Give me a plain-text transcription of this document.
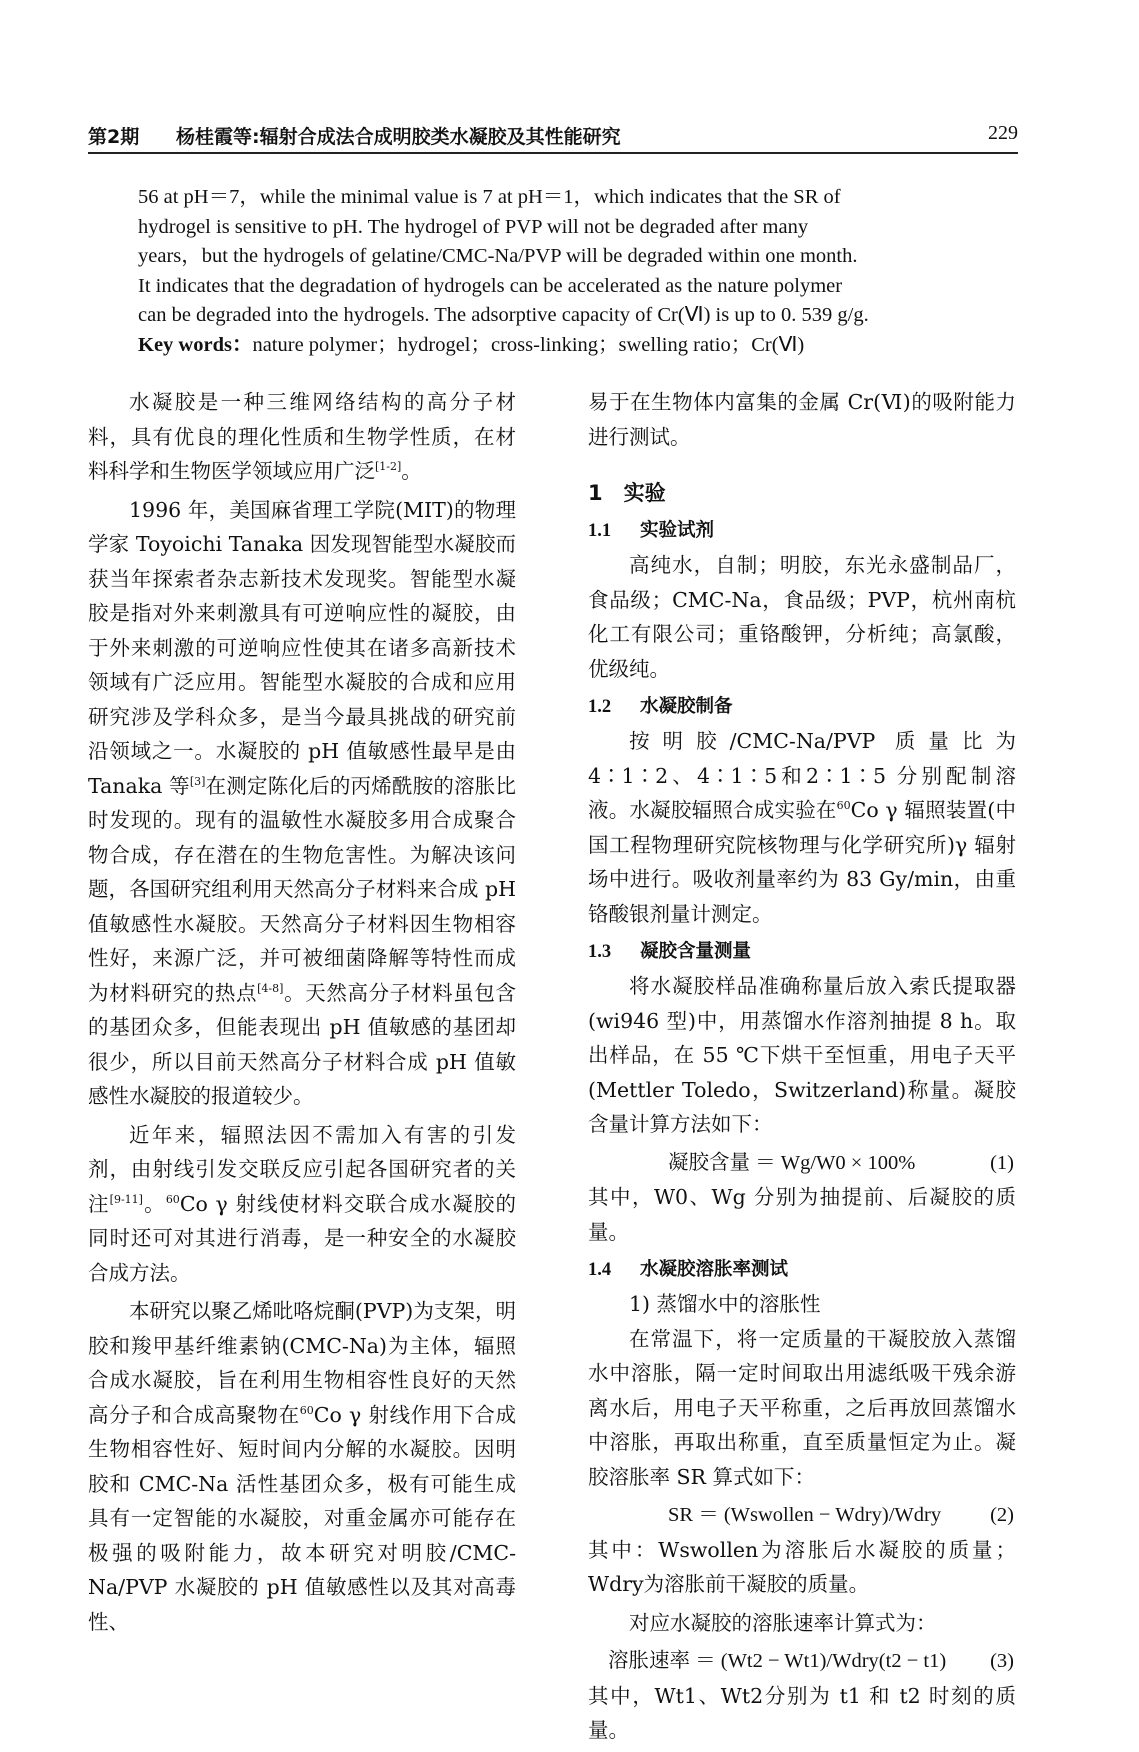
第2期 杨桂霞等:辐射合成法合成明胶类水凝胶及其性能研究	229
56 at pH＝7，while the minimal value is 7 at pH＝1，which indicates that the SR of
hydrogel is sensitive to pH. The hydrogel of PVP will not be degraded after many
years，but the hydrogels of gelatine/CMC-Na/PVP will be degraded within one month.
It indicates that the degradation of hydrogels can be accelerated as the nature polymer
can be degraded into the hydrogels. The adsorptive capacity of Cr(Ⅵ) is up to 0. 539 g/g.
Key words：nature polymer；hydrogel；cross-linking；swelling ratio；Cr(Ⅵ)

水凝胶是一种三维网络结构的高分子材料，具有优良的理化性质和生物学性质，在材料科学和生物医学领域应用广泛[1-2]。

1996 年，美国麻省理工学院(MIT)的物理学家 Toyoichi Tanaka 因发现智能型水凝胶而获当年探索者杂志新技术发现奖。智能型水凝胶是指对外来刺激具有可逆响应性的凝胶，由于外来刺激的可逆响应性使其在诸多高新技术领域有广泛应用。智能型水凝胶的合成和应用研究涉及学科众多，是当今最具挑战的研究前沿领域之一。水凝胶的 pH 值敏感性最早是由 Tanaka 等[3]在测定陈化后的丙烯酰胺的溶胀比时发现的。现有的温敏性水凝胶多用合成聚合物合成，存在潜在的生物危害性。为解决该问题，各国研究组利用天然高分子材料来合成 pH 值敏感性水凝胶。天然高分子材料因生物相容性好，来源广泛，并可被细菌降解等特性而成为材料研究的热点[4-8]。天然高分子材料虽包含的基团众多，但能表现出 pH 值敏感的基团却很少，所以目前天然高分子材料合成 pH 值敏感性水凝胶的报道较少。

近年来，辐照法因不需加入有害的引发剂，由射线引发交联反应引起各国研究者的关注[9-11]。$^{60}$Co γ 射线使材料交联合成水凝胶的同时还可对其进行消毒，是一种安全的水凝胶合成方法。

本研究以聚乙烯吡咯烷酮(PVP)为支架，明胶和羧甲基纤维素钠(CMC-Na)为主体，辐照合成水凝胶，旨在利用生物相容性良好的天然高分子和合成高聚物在$^{60}$Co γ 射线作用下合成生物相容性好、短时间内分解的水凝胶。因明胶和 CMC-Na 活性基团众多，极有可能生成具有一定智能的水凝胶，对重金属亦可能存在极强的吸附能力，故本研究对明胶/CMC-Na/PVP 水凝胶的 pH 值敏感性以及其对高毒性、

易于在生物体内富集的金属 Cr(Ⅵ)的吸附能力进行测试。

1　实验
1.1 实验试剂

高纯水，自制；明胶，东光永盛制品厂，食品级；CMC-Na，食品级；PVP，杭州南杭化工有限公司；重铬酸钾，分析纯；高氯酸，优级纯。

1.2 水凝胶制备

按明胶/CMC-Na/PVP 质量比为 4∶1∶2、4∶1∶5和2∶1∶5 分别配制溶液。水凝胶辐照合成实验在$^{60}$Co γ 辐照装置(中国工程物理研究院核物理与化学研究所)γ 辐射场中进行。吸收剂量率约为 83 Gy/min，由重铬酸银剂量计测定。

1.3 凝胶含量测量

将水凝胶样品准确称量后放入索氏提取器(wi946 型)中，用蒸馏水作溶剂抽提 8 h。取出样品，在 55 ℃下烘干至恒重，用电子天平(Mettler Toledo，Switzerland)称量。凝胶含量计算方法如下：

凝胶含量 ＝ Wg/W0 × 100%	(1)

其中，W0、Wg 分别为抽提前、后凝胶的质量。

1.4 水凝胶溶胀率测试

1) 蒸馏水中的溶胀性

在常温下，将一定质量的干凝胶放入蒸馏水中溶胀，隔一定时间取出用滤纸吸干残余游离水后，用电子天平称重，之后再放回蒸馏水中溶胀，再取出称重，直至质量恒定为止。凝胶溶胀率 SR 算式如下：

SR ＝ (Wswollen − Wdry)/Wdry (2)

其中：Wswollen为溶胀后水凝胶的质量；Wdry为溶胀前干凝胶的质量。

对应水凝胶的溶胀速率计算式为：

溶胀速率 ＝ (Wt2 − Wt1)/Wdry(t2 − t1) (3)

其中，Wt1、Wt2分别为 t1 和 t2 时刻的质量。
